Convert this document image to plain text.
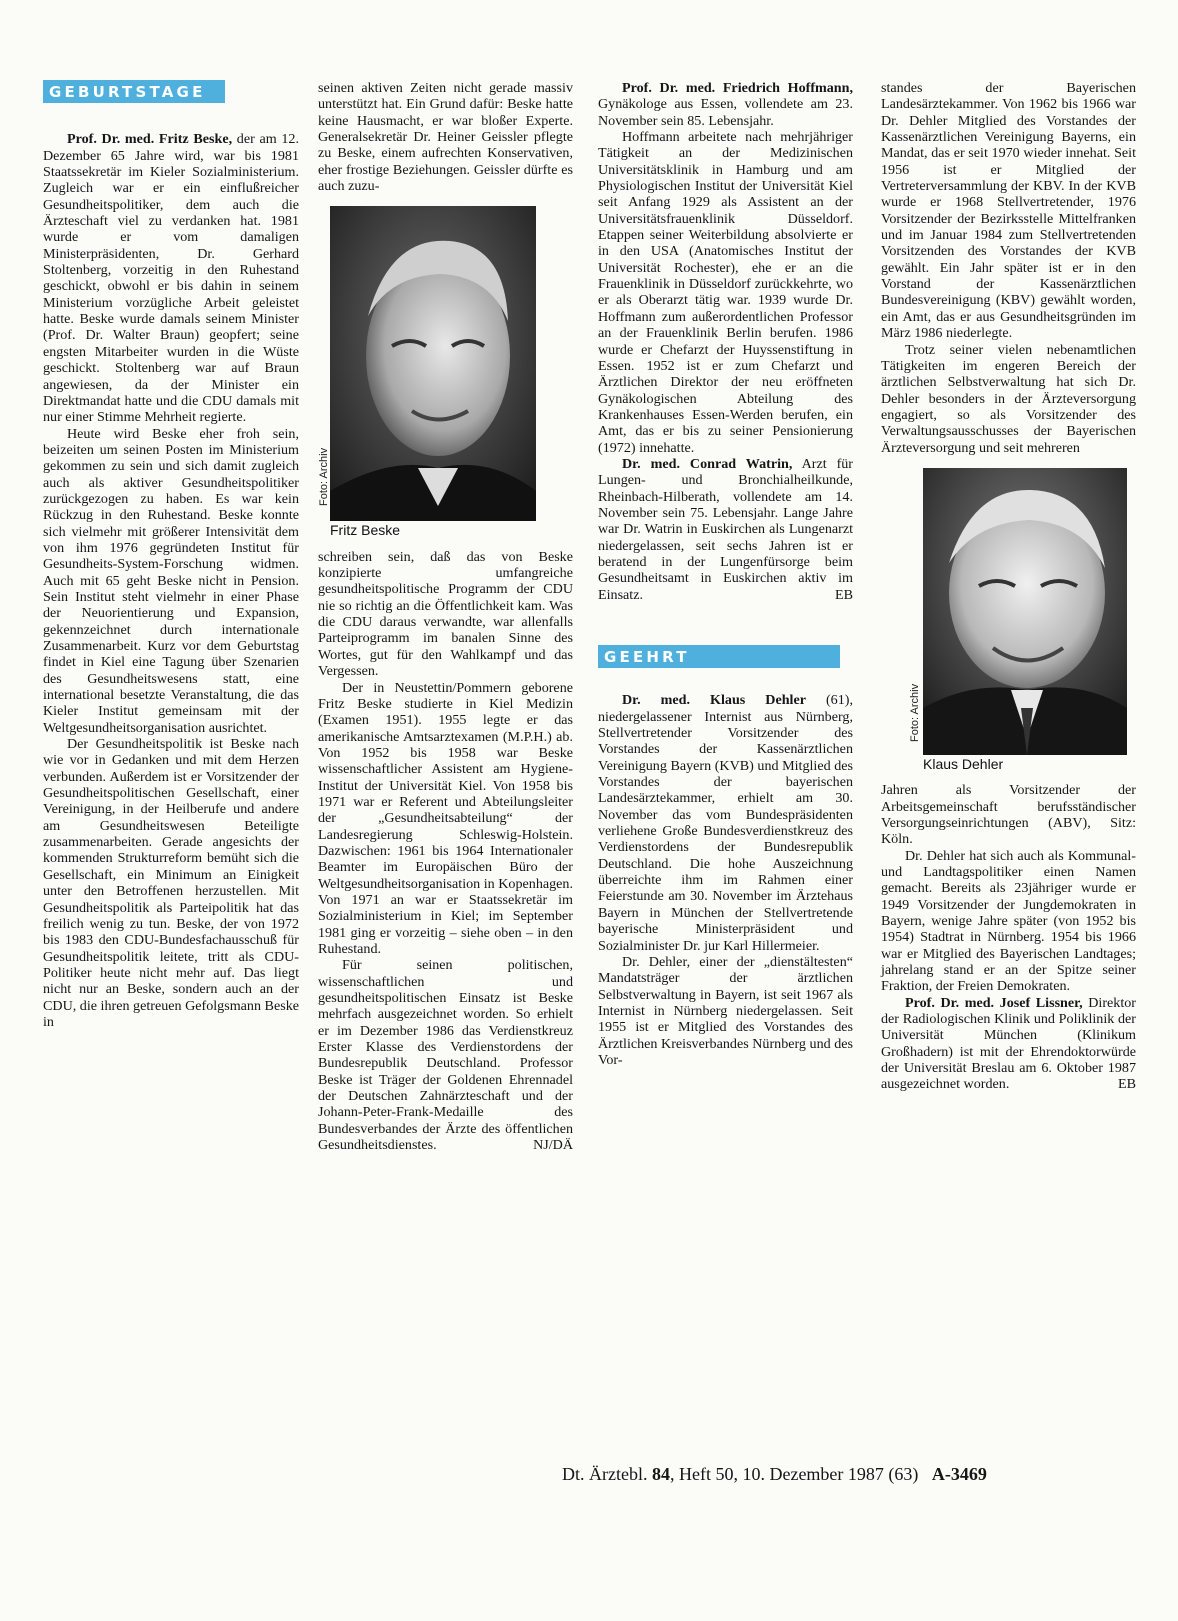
GEBURTSTAGE

Prof. Dr. med. Fritz Beske, der am 12. Dezember 65 Jahre wird, war bis 1981 Staatssekretär im Kieler Sozialministerium. Zugleich war er ein einflußreicher Gesundheitspolitiker, dem auch die Ärzteschaft viel zu verdanken hat. 1981 wurde er vom damaligen Ministerpräsidenten, Dr. Gerhard Stoltenberg, vorzeitig in den Ruhestand geschickt, obwohl er bis dahin in seinem Ministerium vorzügliche Arbeit geleistet hatte. Beske wurde damals seinem Minister (Prof. Dr. Walter Braun) geopfert; seine engsten Mitarbeiter wurden in die Wüste geschickt. Stoltenberg war auf Braun angewiesen, da der Minister ein Direktmandat hatte und die CDU damals mit nur einer Stimme Mehrheit regierte.

Heute wird Beske eher froh sein, beizeiten um seinen Posten im Ministerium gekommen zu sein und sich damit zugleich auch als aktiver Gesundheitspolitiker zurückgezogen zu haben. Es war kein Rückzug in den Ruhestand. Beske konnte sich vielmehr mit größerer Intensivität dem von ihm 1976 gegründeten Institut für Gesundheits-System-Forschung widmen. Auch mit 65 geht Beske nicht in Pension. Sein Institut steht vielmehr in einer Phase der Neuorientierung und Expansion, gekennzeichnet durch internationale Zusammenarbeit. Kurz vor dem Geburtstag findet in Kiel eine Tagung über Szenarien des Gesundheitswesens statt, eine international besetzte Veranstaltung, die das Kieler Institut gemeinsam mit der Weltgesundheitsorganisation ausrichtet.

Der Gesundheitspolitik ist Beske nach wie vor in Gedanken und mit dem Herzen verbunden. Außerdem ist er Vorsitzender der Gesundheitspolitischen Gesellschaft, einer Vereinigung, in der Heilberufe und andere am Gesundheitswesen Beteiligte zusammenarbeiten. Gerade angesichts der kommenden Strukturreform bemüht sich die Gesellschaft, ein Minimum an Einigkeit unter den Betroffenen herzustellen. Mit Gesundheitspolitik als Parteipolitik hat das freilich wenig zu tun. Beske, der von 1972 bis 1983 den CDU-Bundesfachausschuß für Gesundheitspolitik leitete, tritt als CDU-Politiker heute nicht mehr auf. Das liegt nicht nur an Beske, sondern auch an der CDU, die ihren getreuen Gefolgsmann Beske in

seinen aktiven Zeiten nicht gerade massiv unterstützt hat. Ein Grund dafür: Beske hatte keine Hausmacht, er war bloßer Experte. Generalsekretär Dr. Heiner Geissler pflegte zu Beske, einem aufrechten Konservativen, eher frostige Beziehungen. Geissler dürfte es auch zuzu-

Foto: Archiv
Fritz Beske

schreiben sein, daß das von Beske konzipierte umfangreiche gesundheitspolitische Programm der CDU nie so richtig an die Öffentlichkeit kam. Was die CDU daraus verwandte, war allenfalls Parteiprogramm im banalen Sinne des Wortes, gut für den Wahlkampf und das Vergessen.

Der in Neustettin/Pommern geborene Fritz Beske studierte in Kiel Medizin (Examen 1951). 1955 legte er das amerikanische Amtsarztexamen (M.P.H.) ab. Von 1952 bis 1958 war Beske wissenschaftlicher Assistent am Hygiene-Institut der Universität Kiel. Von 1958 bis 1971 war er Referent und Abteilungsleiter der „Gesundheitsabteilung“ der Landesregierung Schleswig-Holstein. Dazwischen: 1961 bis 1964 Internationaler Beamter im Europäischen Büro der Weltgesundheitsorganisation in Kopenhagen. Von 1971 an war er Staatssekretär im Sozialministerium in Kiel; im September 1981 ging er vorzeitig – siehe oben – in den Ruhestand.

Für seinen politischen, wissenschaftlichen und gesundheitspolitischen Einsatz ist Beske mehrfach ausgezeichnet worden. So erhielt er im Dezember 1986 das Verdienstkreuz Erster Klasse des Verdienstordens der Bundesrepublik Deutschland. Professor Beske ist Träger der Goldenen Ehrennadel der Deutschen Zahnärzteschaft und der Johann-Peter-Frank-Medaille des Bundesverbandes der Ärzte des öffentlichen Gesundheitsdienstes.	NJ/DÄ

Prof. Dr. med. Friedrich Hoffmann, Gynäkologe aus Essen, vollendete am 23. November sein 85. Lebensjahr.

Hoffmann arbeitete nach mehrjähriger Tätigkeit an der Medizinischen Universitätsklinik in Hamburg und am Physiologischen Institut der Universität Kiel seit Anfang 1929 als Assistent an der Universitätsfrauenklinik Düsseldorf. Etappen seiner Weiterbildung absolvierte er in den USA (Anatomisches Institut der Universität Rochester), ehe er an die Frauenklinik in Düsseldorf zurückkehrte, wo er als Oberarzt tätig war. 1939 wurde Dr. Hoffmann zum außerordentlichen Professor an der Frauenklinik Berlin berufen. 1986 wurde er Chefarzt der Huyssenstiftung in Essen. 1952 ist er zum Chefarzt und Ärztlichen Direktor der neu eröffneten Gynäkologischen Abteilung des Krankenhauses Essen-Werden berufen, ein Amt, das er bis zu seiner Pensionierung (1972) innehatte.

Dr. med. Conrad Watrin, Arzt für Lungen- und Bronchialheilkunde, Rheinbach-Hilberath, vollendete am 14. November sein 75. Lebensjahr. Lange Jahre war Dr. Watrin in Euskirchen als Lungenarzt niedergelassen, seit sechs Jahren ist er beratend in der Lungenfürsorge beim Gesundheitsamt in Euskirchen aktiv im Einsatz.	EB

GEEHRT

Dr. med. Klaus Dehler (61), niedergelassener Internist aus Nürnberg, Stellvertretender Vorsitzender des Vorstandes der Kassenärztlichen Vereinigung Bayern (KVB) und Mitglied des Vorstandes der bayerischen Landesärztekammer, erhielt am 30. November das vom Bundespräsidenten verliehene Große Bundesverdienstkreuz des Verdienstordens der Bundesrepublik Deutschland. Die hohe Auszeichnung überreichte ihm im Rahmen einer Feierstunde am 30. November im Ärztehaus Bayern in München der Stellvertretende bayerische Ministerpräsident und Sozialminister Dr. jur Karl Hillermeier.

Dr. Dehler, einer der „dienstältesten“ Mandatsträger der ärztlichen Selbstverwaltung in Bayern, ist seit 1967 als Internist in Nürnberg niedergelassen. Seit 1955 ist er Mitglied des Vorstandes des Ärztlichen Kreisverbandes Nürnberg und des Vor-

standes der Bayerischen Landesärztekammer. Von 1962 bis 1966 war Dr. Dehler Mitglied des Vorstandes der Kassenärztlichen Vereinigung Bayerns, ein Mandat, das er seit 1970 wieder innehat. Seit 1956 ist er Mitglied der Vertreterversammlung der KBV. In der KVB wurde er 1968 Stellvertretender, 1976 Vorsitzender der Bezirksstelle Mittelfranken und im Januar 1984 zum Stellvertretenden Vorsitzenden des Vorstandes der KVB gewählt. Ein Jahr später ist er in den Vorstand der Kassenärztlichen Bundesvereinigung (KBV) gewählt worden, ein Amt, das er aus Gesundheitsgründen im März 1986 niederlegte.

Trotz seiner vielen nebenamtlichen Tätigkeiten im engeren Bereich der ärztlichen Selbstverwaltung hat sich Dr. Dehler besonders in der Ärzteversorgung engagiert, so als Vorsitzender des Verwaltungsausschusses der Bayerischen Ärzteversorgung und seit mehreren

Foto: Archiv
Klaus Dehler

Jahren als Vorsitzender der Arbeitsgemeinschaft berufsständischer Versorgungseinrichtungen (ABV), Sitz: Köln.

Dr. Dehler hat sich auch als Kommunal- und Landtagspolitiker einen Namen gemacht. Bereits als 23jähriger wurde er 1949 Vorsitzender der Jungdemokraten in Bayern, wenige Jahre später (von 1952 bis 1954) Stadtrat in Nürnberg. 1954 bis 1966 war er Mitglied des Bayerischen Landtages; jahrelang stand er an der Spitze seiner Fraktion, der Freien Demokraten.

Prof. Dr. med. Josef Lissner, Direktor der Radiologischen Klinik und Poliklinik der Universität München (Klinikum Großhadern) ist mit der Ehrendoktorwürde der Universität Breslau am 6. Oktober 1987 ausgezeichnet worden.	EB

Dt. Ärztebl. 84, Heft 50, 10. Dezember 1987 (63) A-3469
